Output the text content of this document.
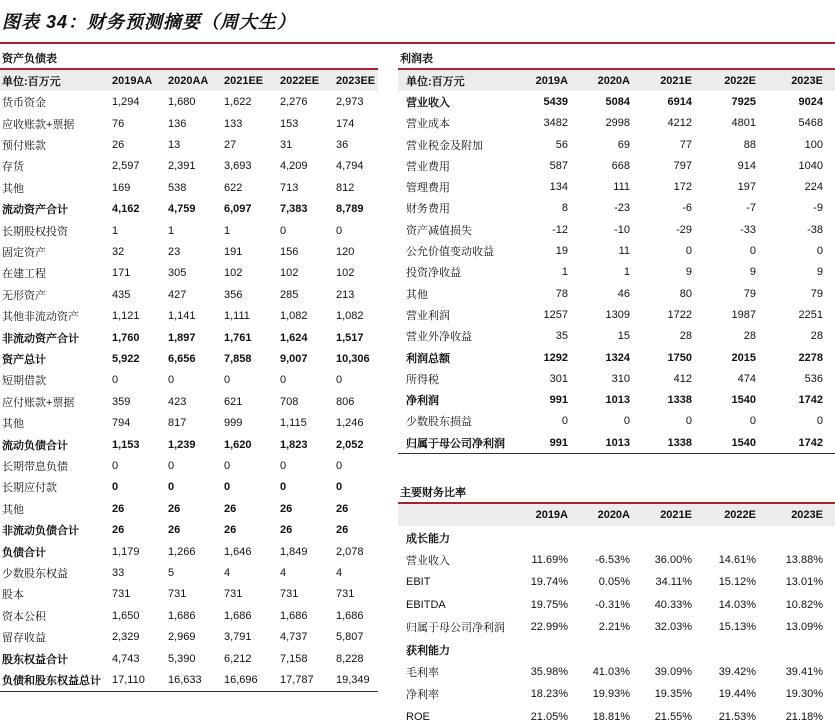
图表 34：财务预测摘要（周大生）
资产负债表
单位:百万元	2019AA	2020AA	2021EE	2022EE	2023EE
货币资金	1,294	1,680	1,622	2,276	2,973
应收账款+票据	76	136	133	153	174
预付账款	26	13	27	31	36
存货	2,597	2,391	3,693	4,209	4,794
其他	169	538	622	713	812
流动资产合计	4,162	4,759	6,097	7,383	8,789
长期股权投资	1	1	1	0	0
固定资产	32	23	191	156	120
在建工程	171	305	102	102	102
无形资产	435	427	356	285	213
其他非流动资产	1,121	1,141	1,111	1,082	1,082
非流动资产合计	1,760	1,897	1,761	1,624	1,517
资产总计	5,922	6,656	7,858	9,007	10,306
短期借款	0	0	0	0	0
应付账款+票据	359	423	621	708	806
其他	794	817	999	1,115	1,246
流动负债合计	1,153	1,239	1,620	1,823	2,052
长期带息负债	0	0	0	0	0
长期应付款	0	0	0	0	0
其他	26	26	26	26	26
非流动负债合计	26	26	26	26	26
负债合计	1,179	1,266	1,646	1,849	2,078
少数股东权益	33	5	4	4	4
股本	731	731	731	731	731
资本公积	1,650	1,686	1,686	1,686	1,686
留存收益	2,329	2,969	3,791	4,737	5,807
股东权益合计	4,743	5,390	6,212	7,158	8,228
负债和股东权益总计	17,110	16,633	16,696	17,787	19,349
利润表
单位:百万元	2019A	2020A	2021E	2022E	2023E
营业收入	5439	5084	6914	7925	9024
营业成本	3482	2998	4212	4801	5468
营业税金及附加	56	69	77	88	100
营业费用	587	668	797	914	1040
管理费用	134	111	172	197	224
财务费用	8	-23	-6	-7	-9
资产减值损失	-12	-10	-29	-33	-38
公允价值变动收益	19	11	0	0	0
投资净收益	1	1	9	9	9
其他	78	46	80	79	79
营业利润	1257	1309	1722	1987	2251
营业外净收益	35	15	28	28	28
利润总额	1292	1324	1750	2015	2278
所得税	301	310	412	474	536
净利润	991	1013	1338	1540	1742
少数股东损益	0	0	0	0	0
归属于母公司净利润	991	1013	1338	1540	1742
主要财务比率
	2019A	2020A	2021E	2022E	2023E
成长能力					
营业收入	11.69%	-6.53%	36.00%	14.61%	13.88%
EBIT	19.74%	0.05%	34.11%	15.12%	13.01%
EBITDA	19.75%	-0.31%	40.33%	14.03%	10.82%
归属于母公司净利润	22.99%	2.21%	32.03%	15.13%	13.09%
获利能力					
毛利率	35.98%	41.03%	39.09%	39.42%	39.41%
净利率	18.23%	19.93%	19.35%	19.44%	19.30%
ROE	21.05%	18.81%	21.55%	21.53%	21.18%
